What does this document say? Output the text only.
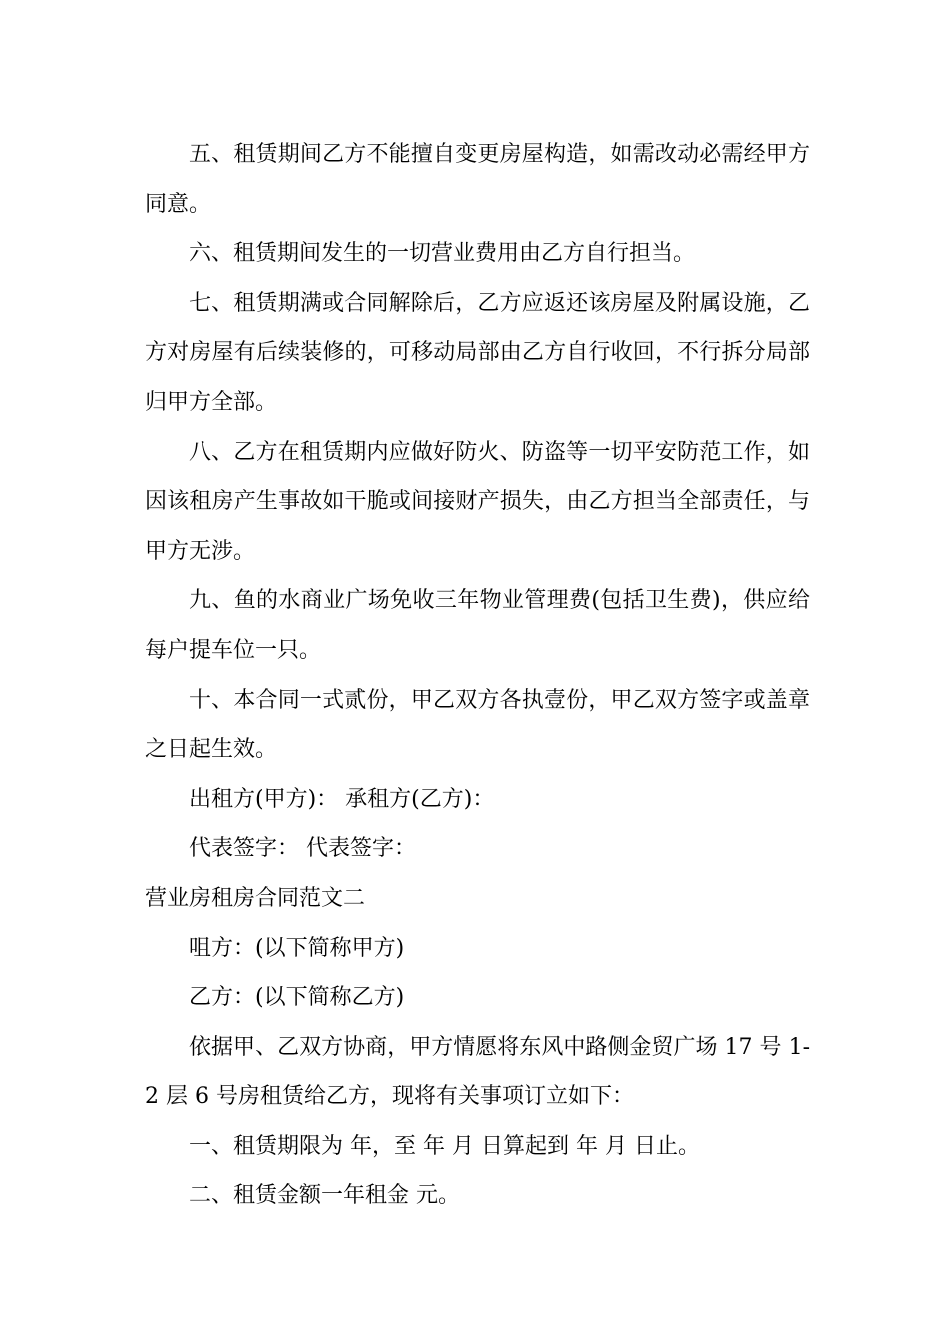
五、租赁期间乙方不能擅自变更房屋构造，如需改动必需经甲方同意。

六、租赁期间发生的一切营业费用由乙方自行担当。

七、租赁期满或合同解除后，乙方应返还该房屋及附属设施，乙方对房屋有后续装修的，可移动局部由乙方自行收回，不行拆分局部归甲方全部。

八、乙方在租赁期内应做好防火、防盗等一切平安防范工作，如因该租房产生事故如干脆或间接财产损失，由乙方担当全部责任，与甲方无涉。

九、鱼的水商业广场免收三年物业管理费(包括卫生费)，供应给每户提车位一只。

十、本合同一式贰份，甲乙双方各执壹份，甲乙双方签字或盖章之日起生效。

出租方(甲方)： 承租方(乙方)：

代表签字： 代表签字：

营业房租房合同范文二

咀方：(以下简称甲方)

乙方：(以下简称乙方)

依据甲、乙双方协商，甲方情愿将东风中路侧金贸广场 17 号 1-2 层 6 号房租赁给乙方，现将有关事项订立如下：

一、租赁期限为 年，至 年 月 日算起到 年 月 日止。

二、租赁金额一年租金 元。
